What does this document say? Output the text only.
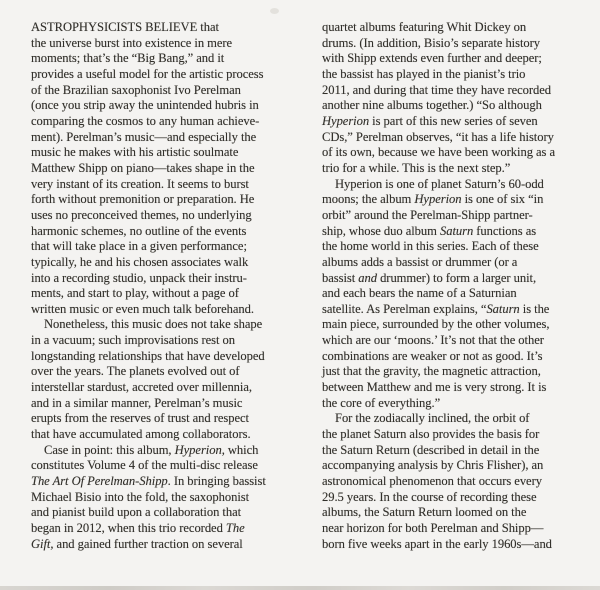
ASTROPHYSICISTS BELIEVE that
the universe burst into existence in mere
moments; that’s the “Big Bang,” and it
provides a useful model for the artistic process
of the Brazilian saxophonist Ivo Perelman
(once you strip away the unintended hubris in
comparing the cosmos to any human achieve-
ment). Perelman’s music—and especially the
music he makes with his artistic soulmate
Matthew Shipp on piano—takes shape in the
very instant of its creation. It seems to burst
forth without premonition or preparation. He
uses no preconceived themes, no underlying
harmonic schemes, no outline of the events
that will take place in a given performance;
typically, he and his chosen associates walk
into a recording studio, unpack their instru-
ments, and start to play, without a page of
written music or even much talk beforehand.
Nonetheless, this music does not take shape
in a vacuum; such improvisations rest on
longstanding relationships that have developed
over the years. The planets evolved out of
interstellar stardust, accreted over millennia,
and in a similar manner, Perelman’s music
erupts from the reserves of trust and respect
that have accumulated among collaborators.
Case in point: this album, Hyperion, which
constitutes Volume 4 of the multi-disc release
The Art Of Perelman-Shipp. In bringing bassist
Michael Bisio into the fold, the saxophonist
and pianist build upon a collaboration that
began in 2012, when this trio recorded The
Gift, and gained further traction on several
quartet albums featuring Whit Dickey on
drums. (In addition, Bisio’s separate history
with Shipp extends even further and deeper;
the bassist has played in the pianist’s trio
2011, and during that time they have recorded
another nine albums together.) “So although
Hyperion is part of this new series of seven
CDs,” Perelman observes, “it has a life history
of its own, because we have been working as a
trio for a while. This is the next step.”
Hyperion is one of planet Saturn’s 60-odd
moons; the album Hyperion is one of six “in
orbit” around the Perelman-Shipp partner-
ship, whose duo album Saturn functions as
the home world in this series. Each of these
albums adds a bassist or drummer (or a
bassist and drummer) to form a larger unit,
and each bears the name of a Saturnian
satellite. As Perelman explains, “Saturn is the
main piece, surrounded by the other volumes,
which are our ‘moons.’ It’s not that the other
combinations are weaker or not as good. It’s
just that the gravity, the magnetic attraction,
between Matthew and me is very strong. It is
the core of everything.”
For the zodiacally inclined, the orbit of
the planet Saturn also provides the basis for
the Saturn Return (described in detail in the
accompanying analysis by Chris Flisher), an
astronomical phenomenon that occurs every
29.5 years. In the course of recording these
albums, the Saturn Return loomed on the
near horizon for both Perelman and Shipp—
born five weeks apart in the early 1960s—and
